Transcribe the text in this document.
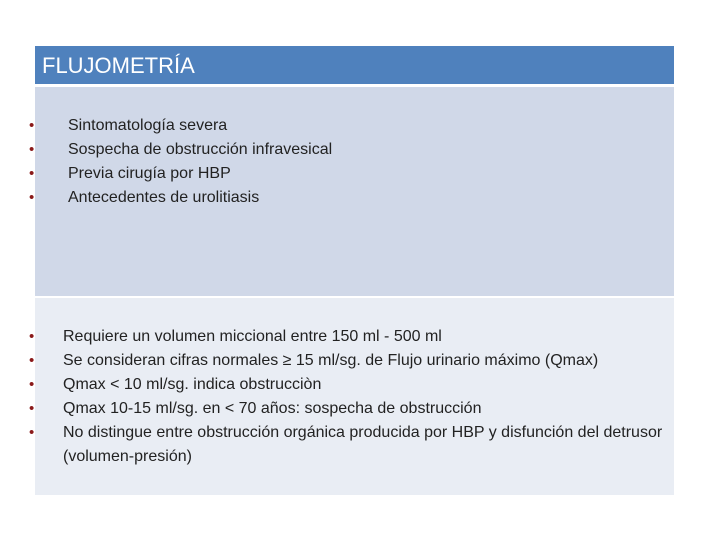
FLUJOMETRÍA
• Sintomatología severa
• Sospecha de obstrucción infravesical
• Previa cirugía por HBP
• Antecedentes de urolitiasis
• Requiere un volumen miccional entre 150 ml - 500 ml
• Se consideran cifras normales ≥ 15 ml/sg. de Flujo urinario máximo (Qmax)
• Qmax < 10 ml/sg. indica obstrucciòn
• Qmax 10-15 ml/sg. en < 70 años: sospecha de obstrucción
• No distingue entre obstrucción orgánica producida por HBP y disfunción del detrusor (volumen-presión)
